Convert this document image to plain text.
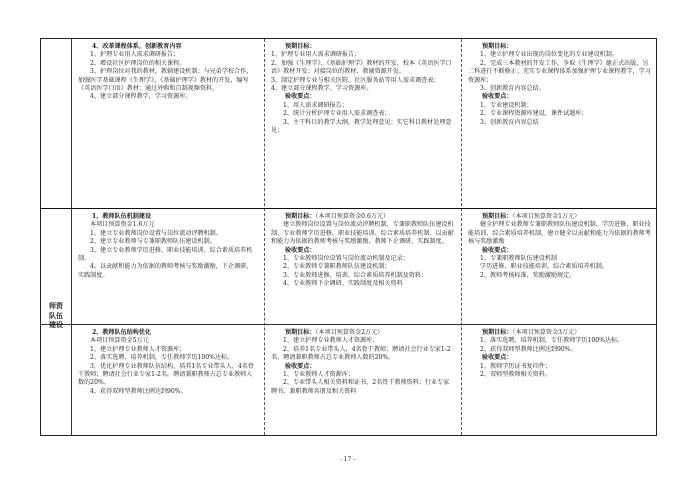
师资
队伍
建设

4、改革课程体系，创新教育内容

1、护理专业用人需求调研报告；

2、增设社区护理岗位的相关课程。

3、护理岗位对我的教材，教辅建设机制；与兄弟学校合作，加强医学基础课程《生理学》、《基础护理学》教材的开发，编写《英语医学口语》教材；通过外购和自制视频资料，

4、建立部分课程教学，学习资源库。

预期目标：

1、护理专业用人需求调研报告；

2、加强《生理学》、《基础护理学》教材的开发、校本《英语医学口语》教材开发；对接岗位的教材、教辅资源开发。

3、制定护理专业与相关医院、社区服务站等用人需求调查表；

4、建立部分课程教学、学习资源库。

验收要点：

1、用人需求调研报告；

2、统计分析护理专业用人需求调查表；

3、主干科目的教学大纲，教学处理意见；实它科目教材处理意见；

预期目标：

1、建立护理专业出现的岗位变化的专业建设机制。

2、完成三本教材的开发工作，争取《生理学》德正式出版，另二科进行不断修正；充实专业课程体系加强护理专业课程教学，学习资源库；

3、创新教育内容总结。

验收要点：

1、专业建设机制；

2、专业课程资源库建设，课件试题库；

3、创新教育内容总结

1、教师队伍机制建设

本项目预算资金1.6万元

1、建立专业教师岗位设置与岗位流动评聘机制。

2、建立专业教师与专兼职教师队伍建设机制。

3、建立专业教师学历进修、职业技能培训、综合素质培养机制。

4、以贡献和能力为依据的教师考核与奖励激励，下企调研、实践制度。

预期目标：（本项目预算资金0.6万元）

建立教师岗位设置与岗位流动评聘机制、专兼职教师队伍建设机制、专业教师学历进修、职业技能培训、综合素质培养机制、以贡献和能力为依据的教师考核与奖励激励、教师下企调研、实践制度。

验收要点：

1、专业教师岗位设置与岗位流动机制及记录；

2、专业教师专兼职教师队伍建设机制；

3、专业教师进修、培训、综合素质培养机制及资料；

4、专业教师下企调研、实践制度及相关资料

预期目标：（本项目预算资金1万元）

健全护理专业教师专兼职教师队伍建设机制、学历进修、职业技能培训、综合素质培养机制，建立健全以贡献和能力为依据的教师考核与奖励激励

验收要点：

1、专兼职教师队伍建设机制

学历进修、职业技能培训、综合素质培养机制。

2、教师考核标准、奖励激励规定。

2、教师队伍结构优化

本项目预算资金5万元

1、建立护理专业教师人才资源库；

2、落实选聘、培养机制，专任教师学历100%达标。

3、优化护理专业教师队伍结构，培养1名专业带头人，4名骨干教师；聘请社会行业专家1-2名，聘请兼职教师占总专业教师人数的20%。

4、获得双师型教师比例达到90%。

预期目标：（本项目预算资金2万元）

1、建立护理专业教师人才资源库；

2、培养1名专业带头人，4名骨干教师；聘请社会行业专家1-2名，聘请兼职教师占总专业教师人数的20%。

验收要点：

1、专业教师人才资源库；

2、专业带头人相关资料和证书，2名骨干教师资料；行业专家聘书、兼职教师名册及相关资料

预期目标：（本项目预算资金3万元）

1、落实选聘、培养机制，专任教师学历100%达标。

2、获得双师型教师比例达到90%。

验收要点：

1、教师学历证书复印件；

2、双师型教师相关资料。

- 17 -
